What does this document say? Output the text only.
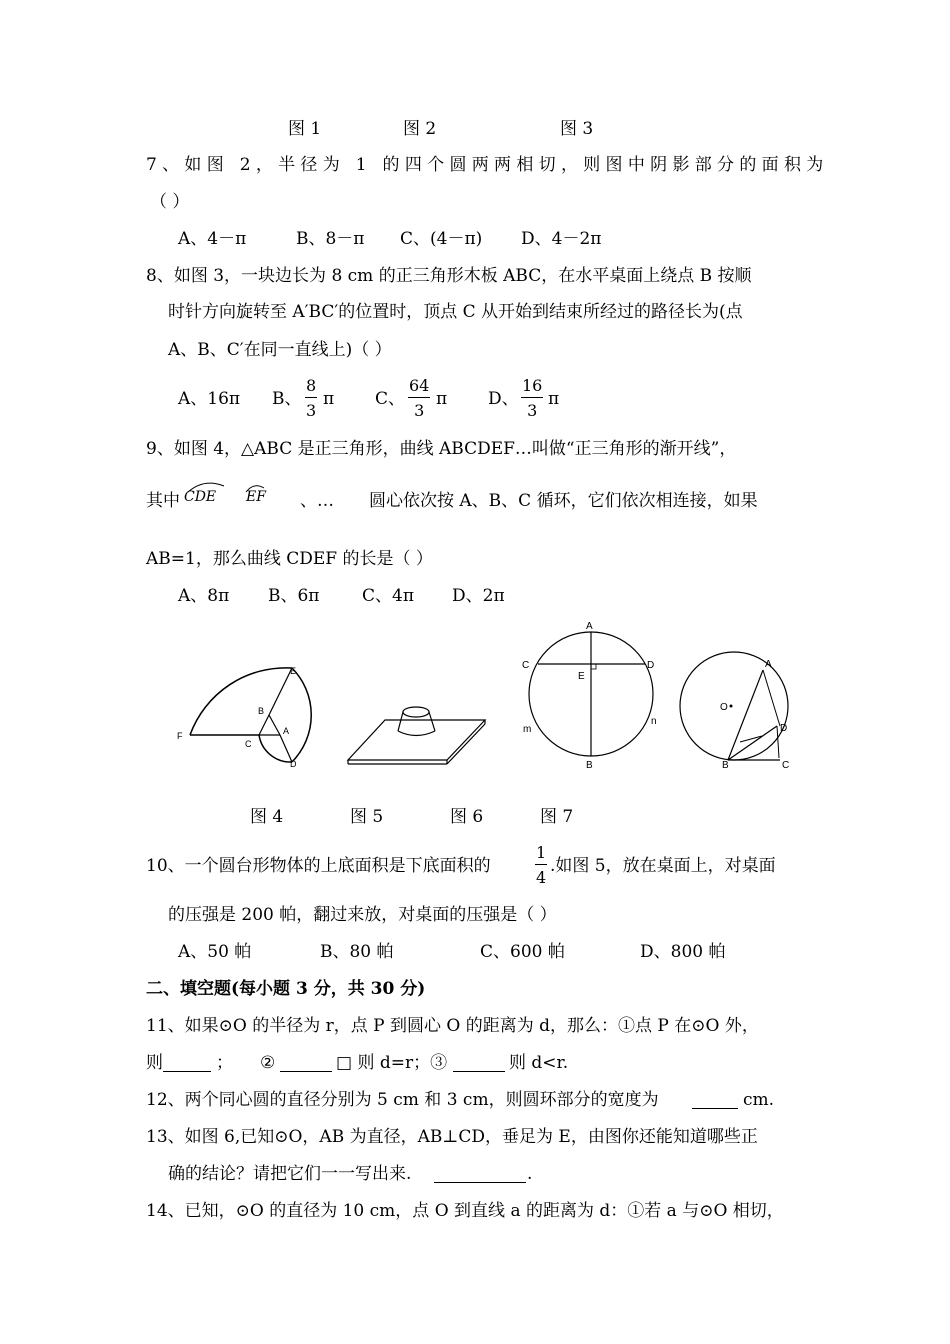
图 1	图 2	图 3
7、如图 2，半径为 1 的四个圆两两相切，则图中阴影部分的面积为
（ ）
A、4－π	B、8－π C、(4－π) D、4－2π
8、如图 3，一块边长为 8 cm 的正三角形木板 ABC，在水平桌面上绕点 B 按顺
时针方向旋转至 A′BC′的位置时，顶点 C 从开始到结束所经过的路径长为(点
A、B、C′在同一直线上)（ ）
A、16π B、 $\frac{8}{3}$ π C、 $\frac{64}{3}$ π D、 $\frac{16}{3}$ π
9、如图 4，△ABC 是正三角形，曲线 ABCDEF…叫做“正三角形的渐开线”，
其中 CDE EF 、… 圆心依次按 A、B、C 循环，它们依次相连接，如果
AB=1，那么曲线 CDEF 的长是（ ）
A、8π B、6π	C、4π D、2π
E
B
A
C
F
D
A
C	D
E
m
n
B
O
A
D
B	C
图 4	图 5	图 6	图 7
10、一个圆台形物体的上底面积是下底面积的	$\frac{1}{4}$ .如图 5，放在桌面上，对桌面
的压强是 200 帕，翻过来放，对桌面的压强是（ ）
A、50 帕	B、80 帕	C、600 帕	D、800 帕
二、填空题(每小题 3 分，共 30 分)
11、如果⊙O 的半径为 r，点 P 到圆心 O 的距离为 d，那么：①点 P 在⊙O 外，
则	； ②	□ 则 d=r；③	则 d<r.
12、两个同心圆的直径分别为 5 cm 和 3 cm，则圆环部分的宽度为	cm.
13、如图 6,已知⊙O，AB 为直径，AB⊥CD，垂足为 E，由图你还能知道哪些正
确的结论？请把它们一一写出来.	.
14、已知，⊙O 的直径为 10 cm，点 O 到直线 a 的距离为 d：①若 a 与⊙O 相切，
